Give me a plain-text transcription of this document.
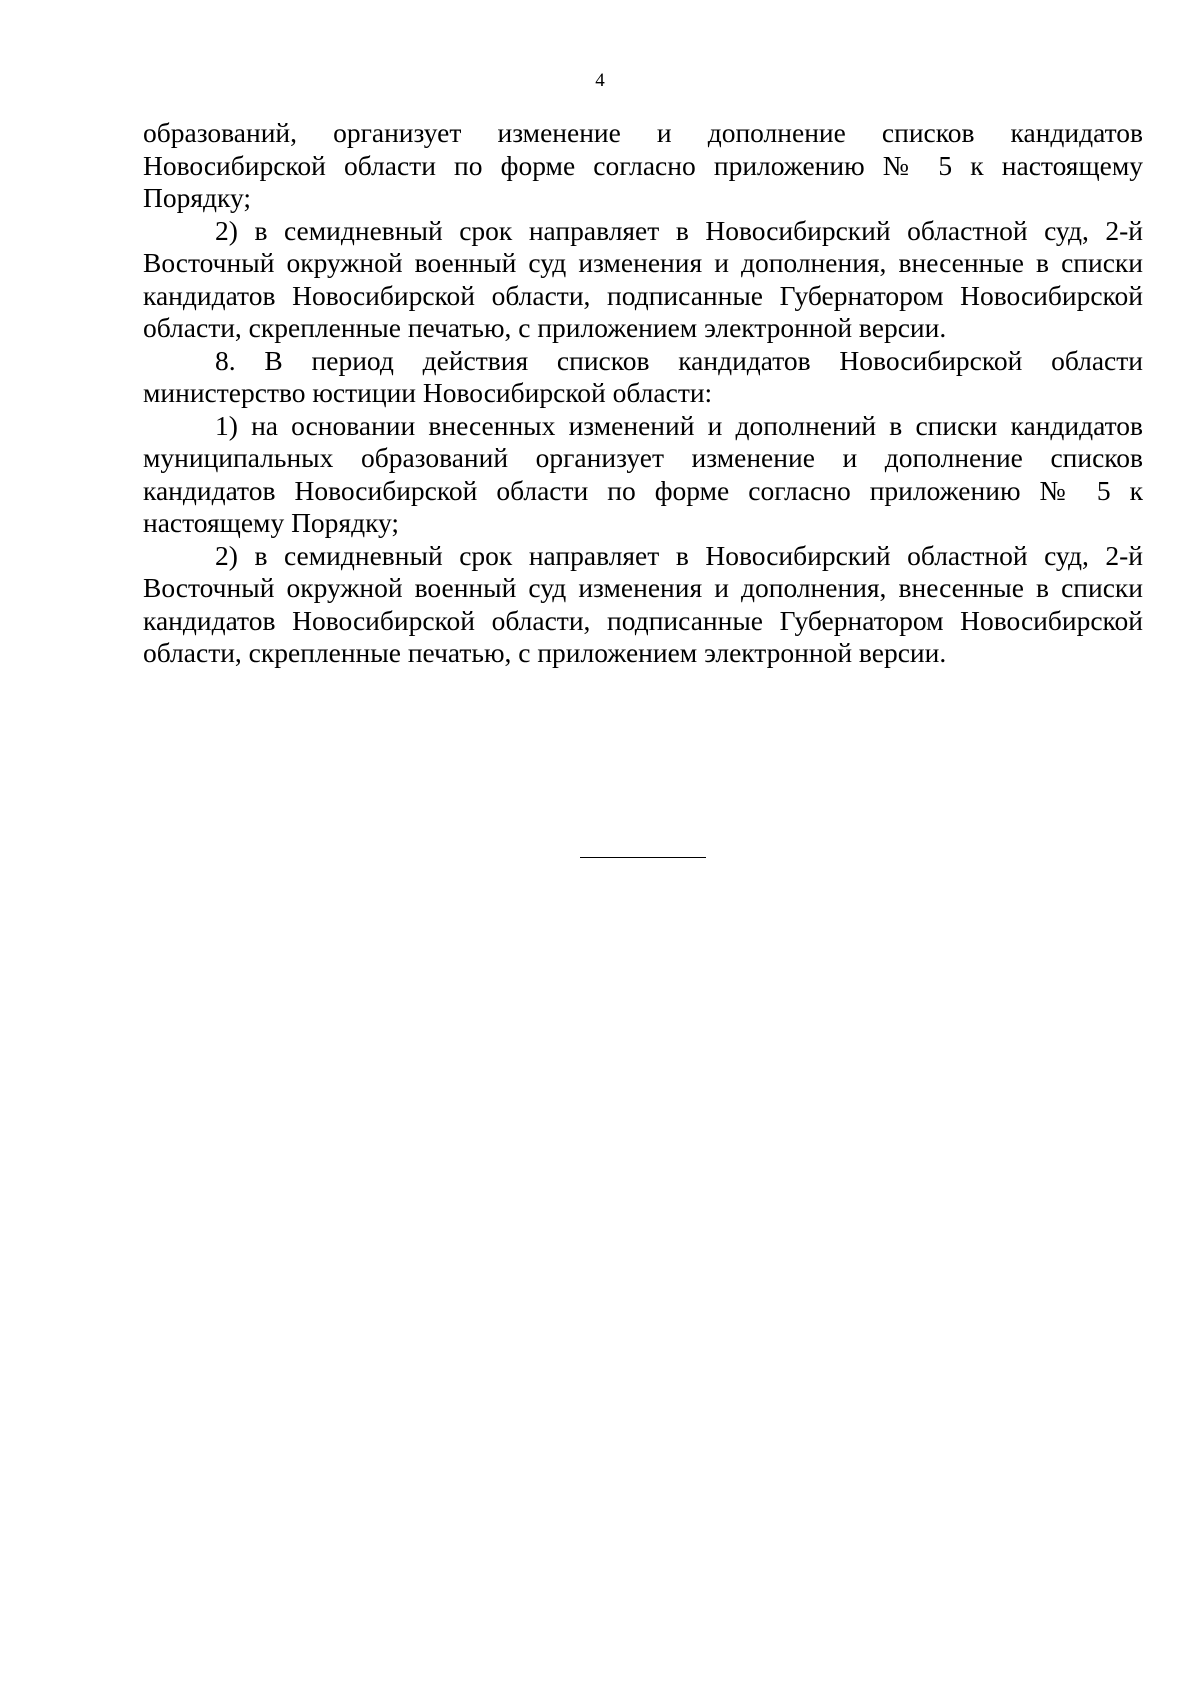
4

образований, организует изменение и дополнение списков кандидатов Новосибирской области по форме согласно приложению № 5 к настоящему Порядку;

2) в семидневный срок направляет в Новосибирский областной суд, 2-й Восточный окружной военный суд изменения и дополнения, внесенные в списки кандидатов Новосибирской области, подписанные Губернатором Новосибирской области, скрепленные печатью, с приложением электронной версии.

8. В период действия списков кандидатов Новосибирской области министерство юстиции Новосибирской области:

1) на основании внесенных изменений и дополнений в списки кандидатов муниципальных образований организует изменение и дополнение списков кандидатов Новосибирской области по форме согласно приложению № 5 к настоящему Порядку;

2) в семидневный срок направляет в Новосибирский областной суд, 2-й Восточный окружной военный суд изменения и дополнения, внесенные в списки кандидатов Новосибирской области, подписанные Губернатором Новосибирской области, скрепленные печатью, с приложением электронной версии.
